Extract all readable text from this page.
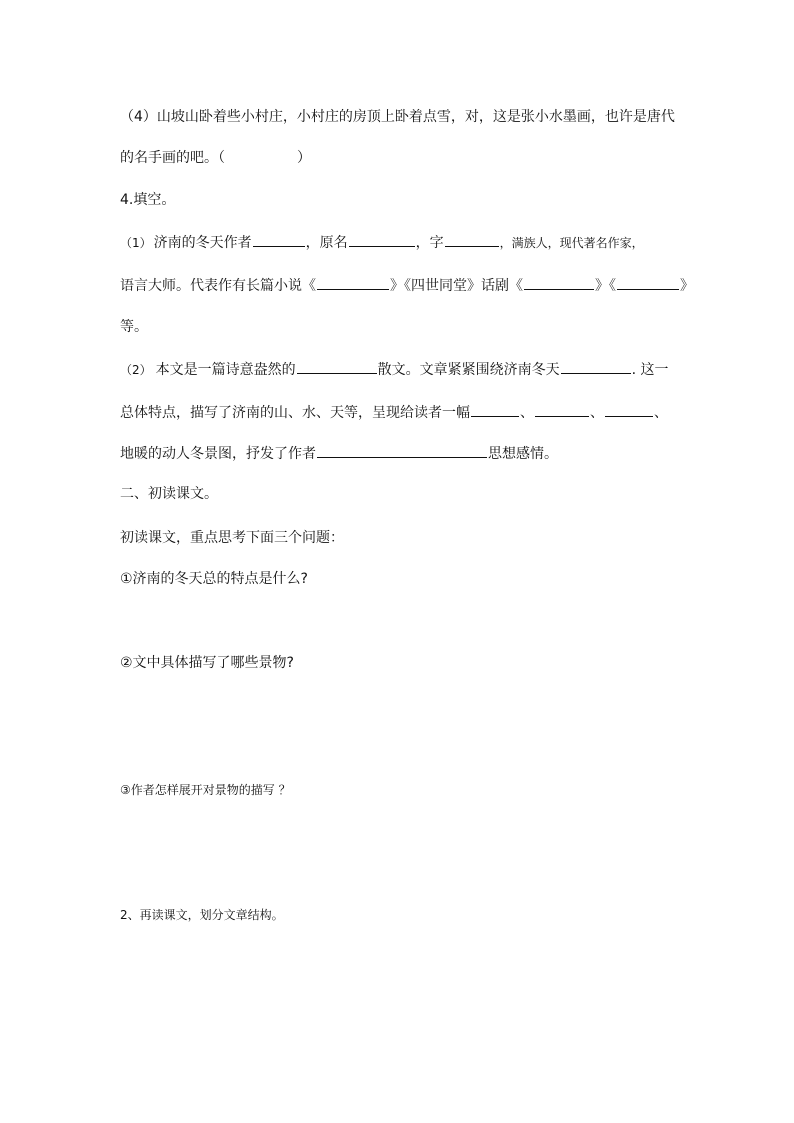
（4）山坡山卧着些小村庄，小村庄的房顶上卧着点雪，对，这是张小水墨画，也许是唐代
的名手画的吧。（	）
4.填空。
（1） 济南的冬天作者	，原名	，字	，满族人，现代著名作家，
语言大师。代表作有长篇小说《	》《四世同堂》话剧《	》《	》
等。
（2） 本文是一篇诗意盎然的	散文。文章紧紧围绕济南冬天	. 这一
总体特点，描写了济南的山、水、天等，呈现给读者一幅	、	、	、
地暖的动人冬景图，抒发了作者	思想感情。
二、初读课文。
初读课文，重点思考下面三个问题：
①济南的冬天总的特点是什么?
②文中具体描写了哪些景物?
③作者怎样展开对景物的描写 ？
2、再读课文，划分文章结构。
